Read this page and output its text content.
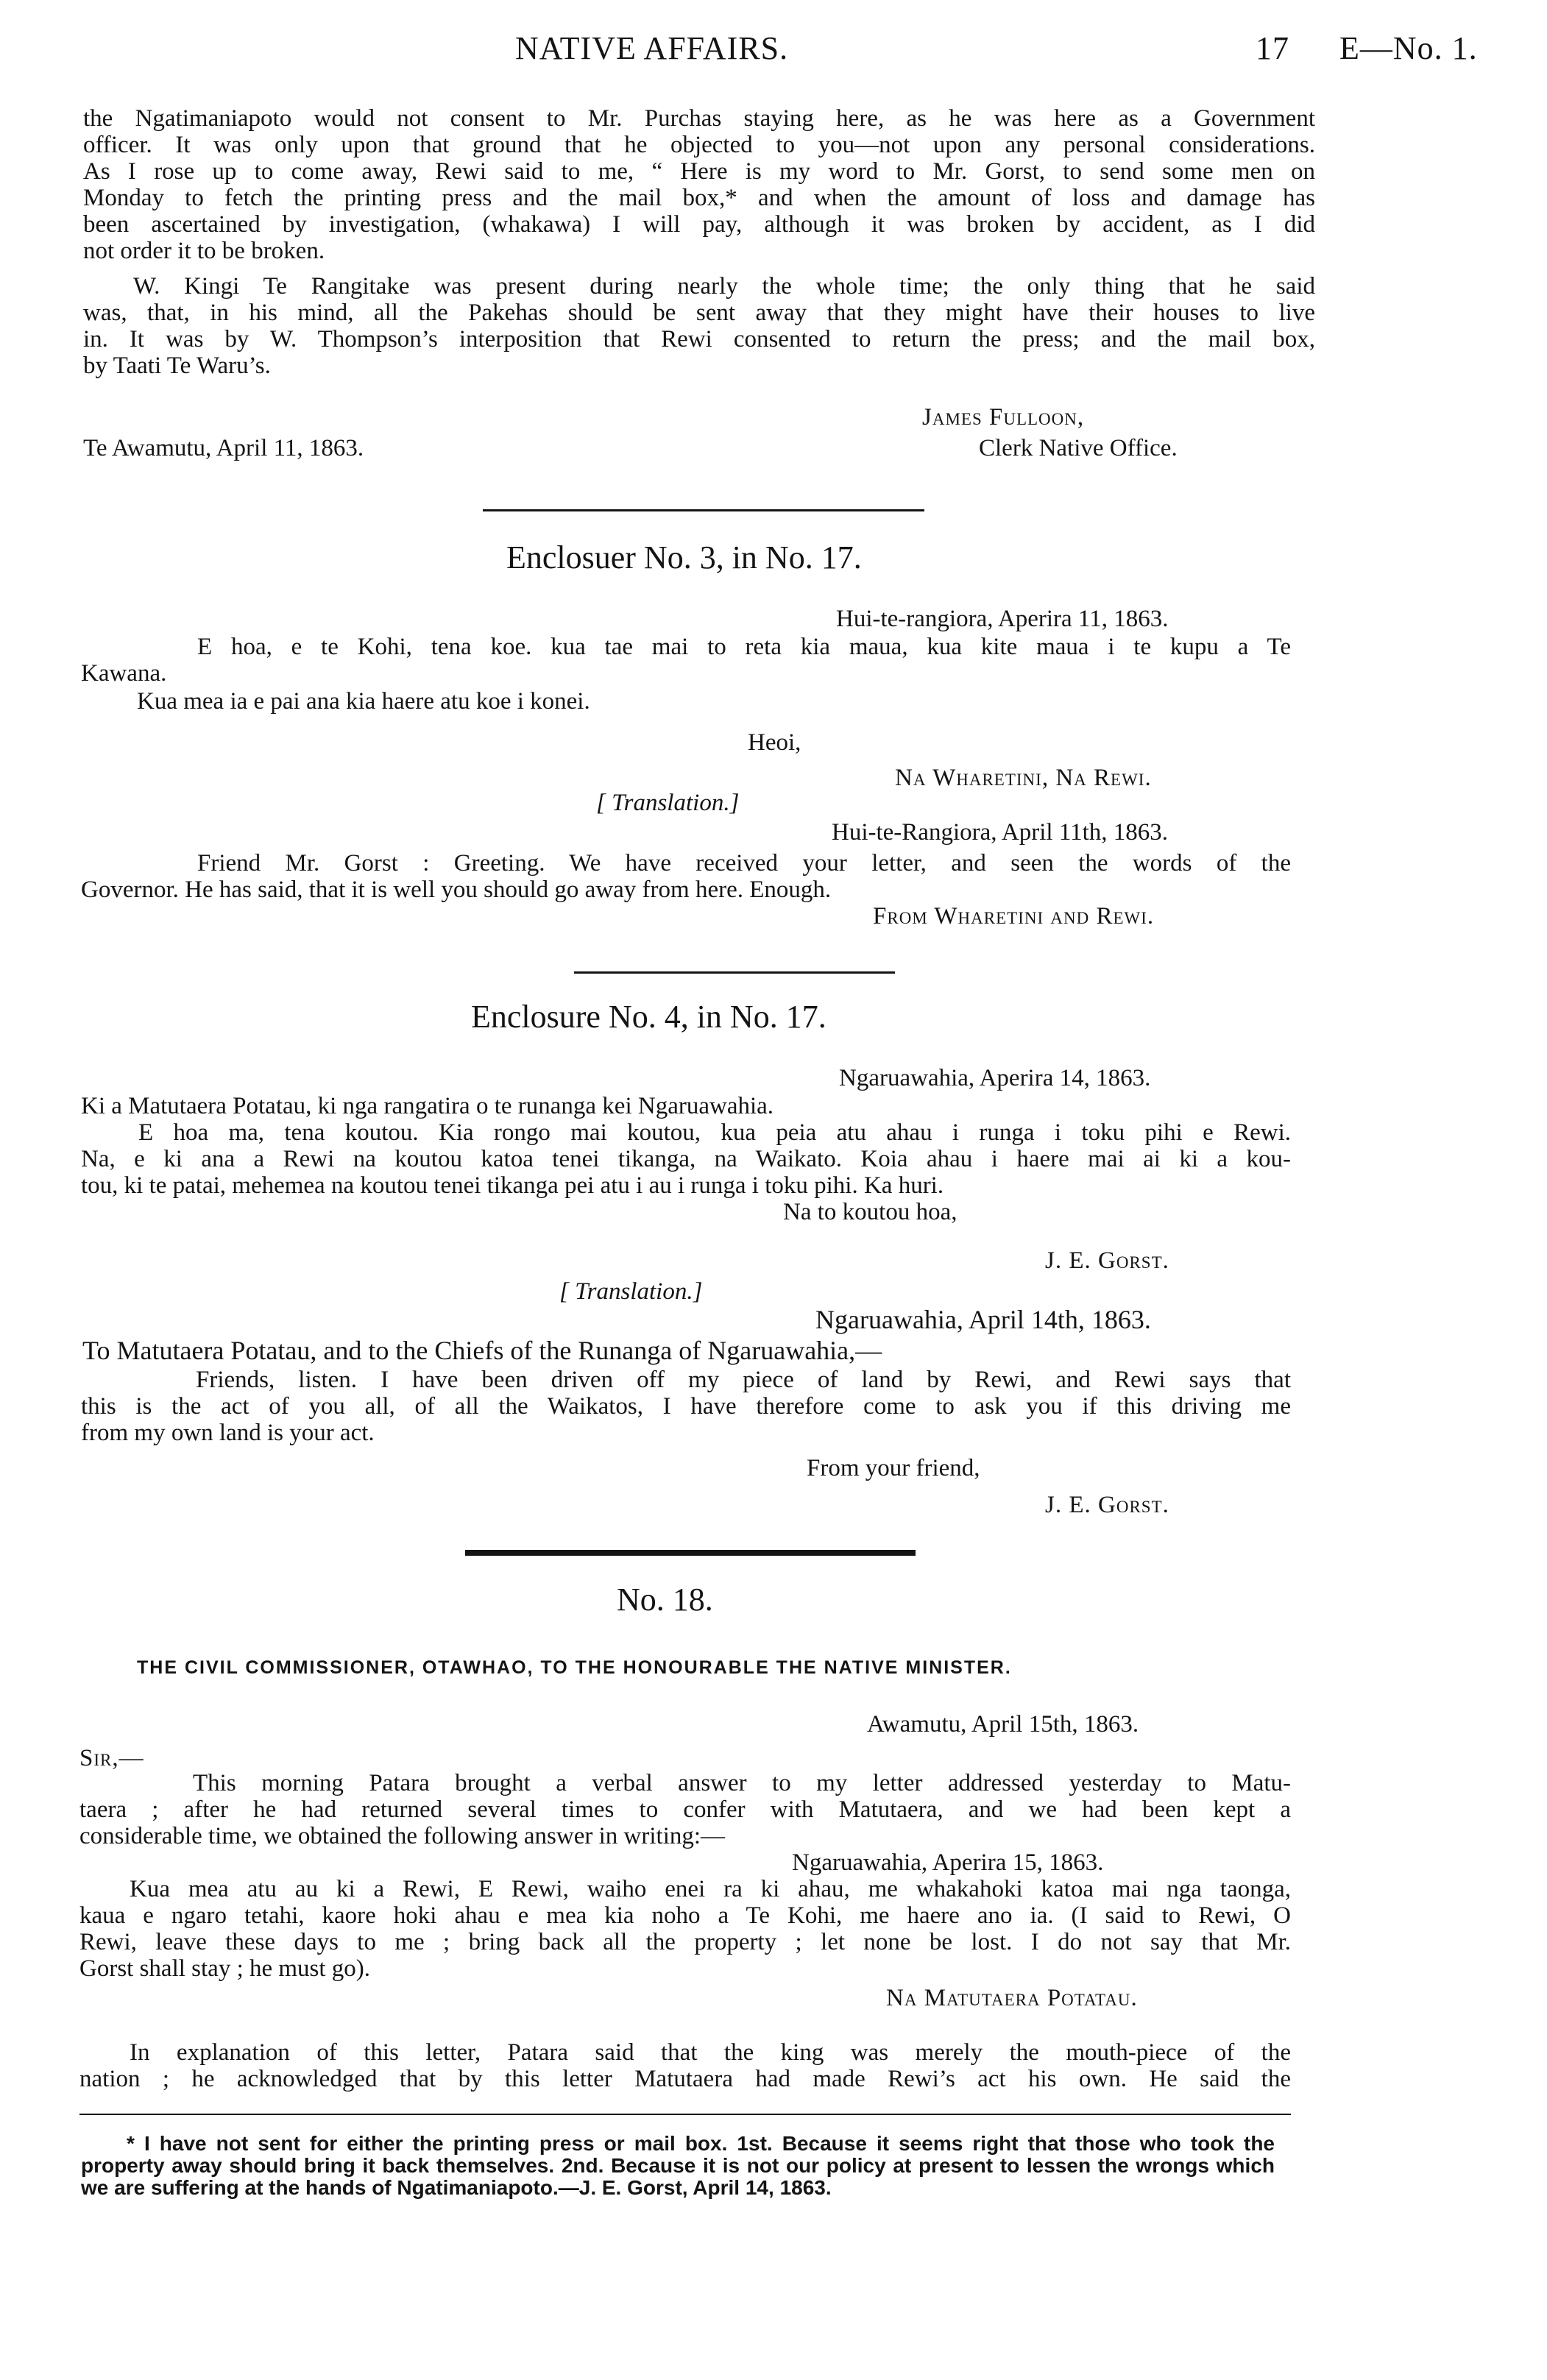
NATIVE AFFAIRS.	17 E—No. 1.
the Ngatimaniapoto would not consent to Mr. Purchas staying here, as he was here as a Government
officer. It was only upon that ground that he objected to you—not upon any personal considerations.
As I rose up to come away, Rewi said to me, “ Here is my word to Mr. Gorst, to send some men on
Monday to fetch the printing press and the mail box,* and when the amount of loss and damage has
been ascertained by investigation, (whakawa) I will pay, although it was broken by accident, as I did
not order it to be broken.
W. Kingi Te Rangitake was present during nearly the whole time; the only thing that he said
was, that, in his mind, all the Pakehas should be sent away that they might have their houses to live
in. It was by W. Thompson’s interposition that Rewi consented to return the press; and the mail box,
by Taati Te Waru’s.
James Fulloon,
Te Awamutu, April 11, 1863.	Clerk Native Office.
Enclosuer No. 3, in No. 17.
Hui-te-rangiora, Aperira 11, 1863.
E hoa, e te Kohi, tena koe. kua tae mai to reta kia maua, kua kite maua i te kupu a Te
Kawana.
Kua mea ia e pai ana kia haere atu koe i konei.
Heoi,
Na Wharetini, Na Rewi.
[ Translation.]
Hui-te-Rangiora, April 11th, 1863.
Friend Mr. Gorst : Greeting. We have received your letter, and seen the words of the
Governor. He has said, that it is well you should go away from here. Enough.
From Wharetini and Rewi.
Enclosure No. 4, in No. 17.
Ngaruawahia, Aperira 14, 1863.
Ki a Matutaera Potatau, ki nga rangatira o te runanga kei Ngaruawahia.
E hoa ma, tena koutou. Kia rongo mai koutou, kua peia atu ahau i runga i toku pihi e Rewi.
Na, e ki ana a Rewi na koutou katoa tenei tikanga, na Waikato. Koia ahau i haere mai ai ki a kou-
tou, ki te patai, mehemea na koutou tenei tikanga pei atu i au i runga i toku pihi. Ka huri.
Na to koutou hoa,
J. E. Gorst.
[ Translation.]
Ngaruawahia, April 14th, 1863.
To Matutaera Potatau, and to the Chiefs of the Runanga of Ngaruawahia,—
Friends, listen. I have been driven off my piece of land by Rewi, and Rewi says that
this is the act of you all, of all the Waikatos, I have therefore come to ask you if this driving me
from my own land is your act.
From your friend,
J. E. Gorst.
No. 18.
THE CIVIL COMMISSIONER, OTAWHAO, TO THE HONOURABLE THE NATIVE MINISTER.
Awamutu, April 15th, 1863.
Sir,—
This morning Patara brought a verbal answer to my letter addressed yesterday to Matu-
taera ; after he had returned several times to confer with Matutaera, and we had been kept a
considerable time, we obtained the following answer in writing:—
Ngaruawahia, Aperira 15, 1863.
Kua mea atu au ki a Rewi, E Rewi, waiho enei ra ki ahau, me whakahoki katoa mai nga taonga,
kaua e ngaro tetahi, kaore hoki ahau e mea kia noho a Te Kohi, me haere ano ia. (I said to Rewi, O
Rewi, leave these days to me ; bring back all the property ; let none be lost. I do not say that Mr.
Gorst shall stay ; he must go).
Na Matutaera Potatau.
In explanation of this letter, Patara said that the king was merely the mouth-piece of the
nation ; he acknowledged that by this letter Matutaera had made Rewi’s act his own. He said the
* I have not sent for either the printing press or mail box. 1st. Because it seems right that those who took the
property away should bring it back themselves. 2nd. Because it is not our policy at present to lessen the wrongs which
we are suffering at the hands of Ngatimaniapoto.—J. E. Gorst, April 14, 1863.
